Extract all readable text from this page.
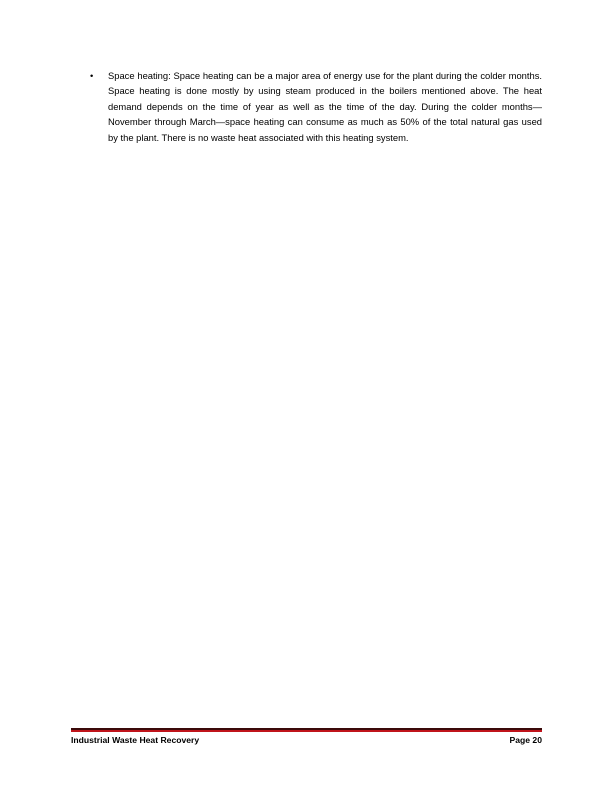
• Space heating: Space heating can be a major area of energy use for the plant during the colder months. Space heating is done mostly by using steam produced in the boilers mentioned above. The heat demand depends on the time of year as well as the time of the day. During the colder months—November through March—space heating can consume as much as 50% of the total natural gas used by the plant. There is no waste heat associated with this heating system.
Industrial Waste Heat Recovery	Page 20
